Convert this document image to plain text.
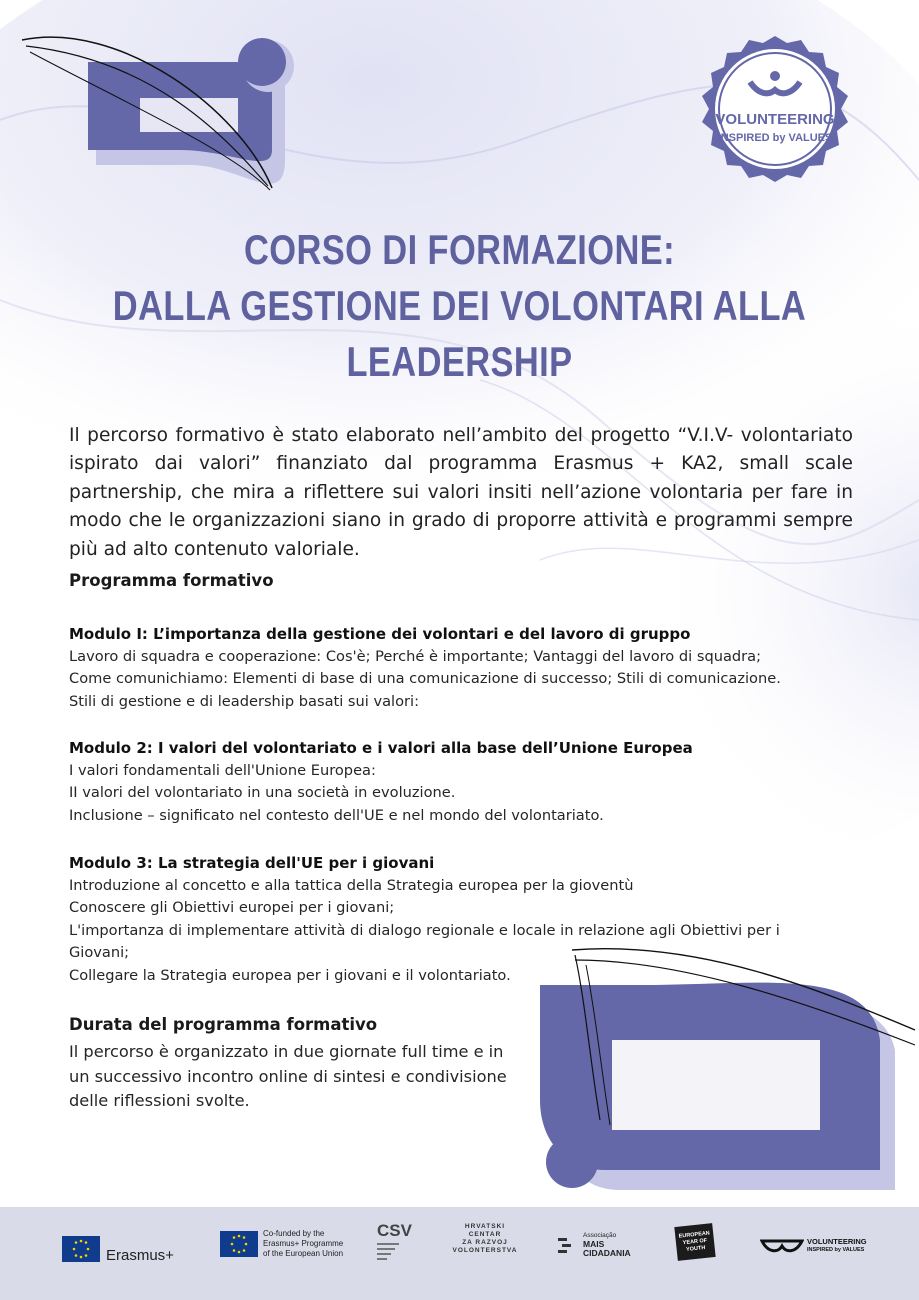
VOLUNTEERING
INSPIRED by VALUES
CORSO DI FORMAZIONE:
DALLA GESTIONE DEI VOLONTARI ALLA
LEADERSHIP
Il percorso formativo è stato elaborato nell’ambito del progetto “V.I.V- volontariato ispirato dai valori” finanziato dal programma Erasmus + KA2, small scale partnership, che mira a riflettere sui valori insiti nell’azione volontaria per fare in modo che le organizzazioni siano in grado di proporre attività e programmi sempre più ad alto contenuto valoriale.
Programma formativo
Modulo I: L’importanza della gestione dei volontari e del lavoro di gruppo
Lavoro di squadra e cooperazione: Cos'è; Perché è importante; Vantaggi del lavoro di squadra;
Come comunichiamo: Elementi di base di una comunicazione di successo; Stili di comunicazione.
Stili di gestione e di leadership basati sui valori:
Modulo 2: I valori del volontariato e i valori alla base dell’Unione Europea
I valori fondamentali dell'Unione Europea:
II valori del volontariato in una società in evoluzione.
Inclusione – significato nel contesto dell'UE e nel mondo del volontariato.
Modulo 3: La strategia dell'UE per i giovani
Introduzione al concetto e alla tattica della Strategia europea per la gioventù
Conoscere gli Obiettivi europei per i giovani;
L'importanza di implementare attività di dialogo regionale e locale in relazione agli Obiettivi per i
Giovani;
Collegare la Strategia europea per i giovani e il volontariato.
Durata del programma formativo
Il percorso è organizzato in due giornate full time e in
un successivo incontro online di sintesi e condivisione
delle riflessioni svolte.
Erasmus+
Co-funded by the
Erasmus+ Programme
of the European Union
CSV	HRVATSKI
CENTAR
ZA RAZVOJ
VOLONTERSTVA
Associação
MAIS
CIDADANIA
EUROPEAN
YEAR OF
YOUTH
VOLUNTEERING
INSPIRED by VALUES
